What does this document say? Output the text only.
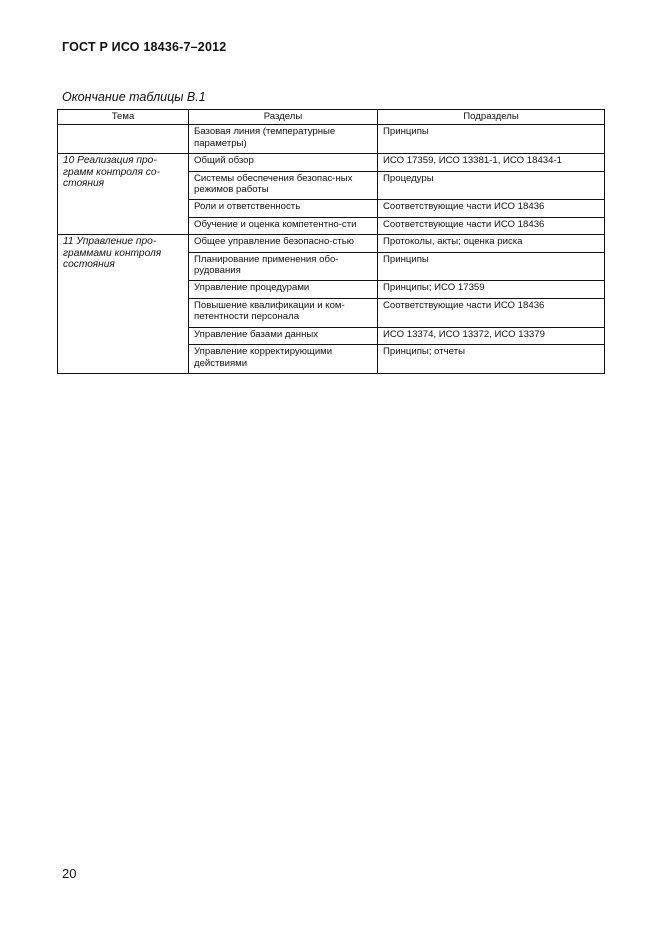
ГОСТ Р ИСО 18436-7–2012
Окончание таблицы В.1
Тема	Разделы	Подразделы
	Базовая линия (температурные параметры)	Принципы
10 Реализация про-грамм контроля со-стояния	Общий обзор	ИСО 17359, ИСО 13381-1, ИСО 18434-1
	Системы обеспечения безопас-ных режимов работы	Процедуры
	Роли и ответственность	Соответствующие части ИСО 18436
	Обучение и оценка компетентно-сти	Соответствующие части ИСО 18436
11 Управление про-граммами контроля состояния	Общее управление безопасно-стью	Протоколы, акты; оценка риска
	Планирование применения обо-рудования	Принципы
	Управление процедурами	Принципы; ИСО 17359
	Повышение квалификации и ком-петентности персонала	Соответствующие части ИСО 18436
	Управление базами данных	ИСО 13374, ИСО 13372, ИСО 13379
	Управление корректирующими действиями	Принципы; отчеты
20
